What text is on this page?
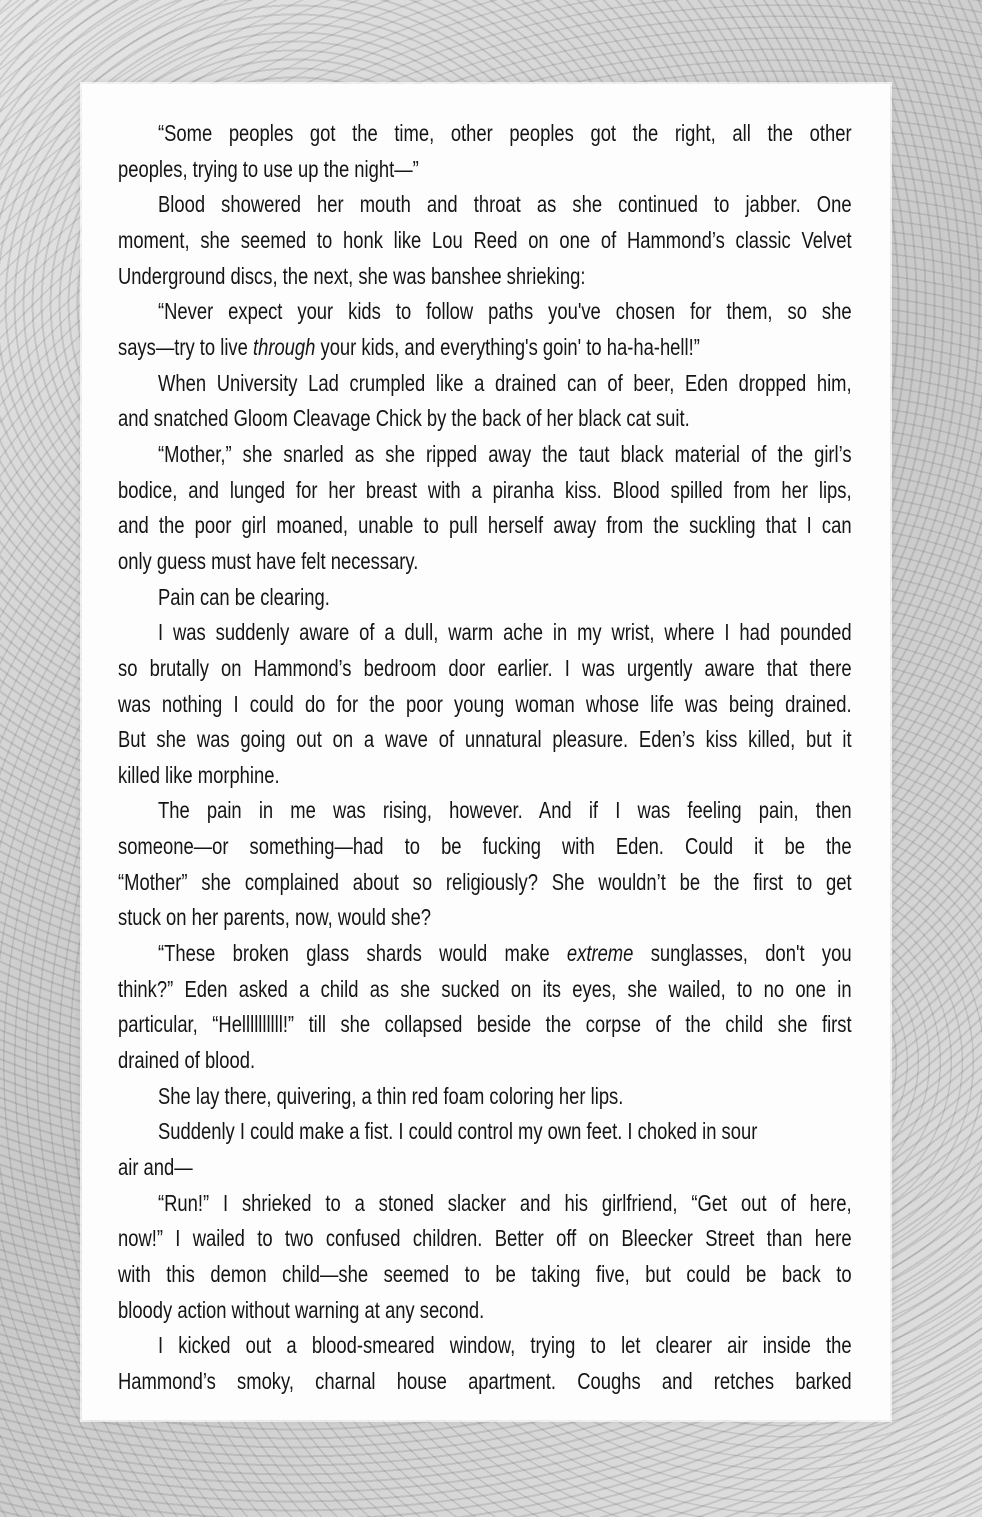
“Some peoples got the time, other peoples got the right, all the other
peoples, trying to use up the night—”
Blood showered her mouth and throat as she continued to jabber. One
moment, she seemed to honk like Lou Reed on one of Hammond’s classic Velvet
Underground discs, the next, she was banshee shrieking:
“Never expect your kids to follow paths you've chosen for them, so she
says—try to live through your kids, and everything's goin' to ha-ha-hell!”
When University Lad crumpled like a drained can of beer, Eden dropped him,
and snatched Gloom Cleavage Chick by the back of her black cat suit.
“Mother,” she snarled as she ripped away the taut black material of the girl’s
bodice, and lunged for her breast with a piranha kiss. Blood spilled from her lips,
and the poor girl moaned, unable to pull herself away from the suckling that I can
only guess must have felt necessary.
Pain can be clearing.
I was suddenly aware of a dull, warm ache in my wrist, where I had pounded
so brutally on Hammond’s bedroom door earlier. I was urgently aware that there
was nothing I could do for the poor young woman whose life was being drained.
But she was going out on a wave of unnatural pleasure. Eden’s kiss killed, but it
killed like morphine.
The pain in me was rising, however. And if I was feeling pain, then
someone—or something—had to be fucking with Eden. Could it be the
“Mother” she complained about so religiously? She wouldn’t be the first to get
stuck on her parents, now, would she?
“These broken glass shards would make extreme sunglasses, don't you
think?” Eden asked a child as she sucked on its eyes, she wailed, to no one in
particular, “Hellllllllll!” till she collapsed beside the corpse of the child she first
drained of blood.
She lay there, quivering, a thin red foam coloring her lips.
Suddenly I could make a fist. I could control my own feet. I choked in sour
air and—
“Run!” I shrieked to a stoned slacker and his girlfriend, “Get out of here,
now!” I wailed to two confused children. Better off on Bleecker Street than here
with this demon child—she seemed to be taking five, but could be back to
bloody action without warning at any second.
I kicked out a blood-smeared window, trying to let clearer air inside the
Hammond’s smoky, charnal house apartment. Coughs and retches barked
